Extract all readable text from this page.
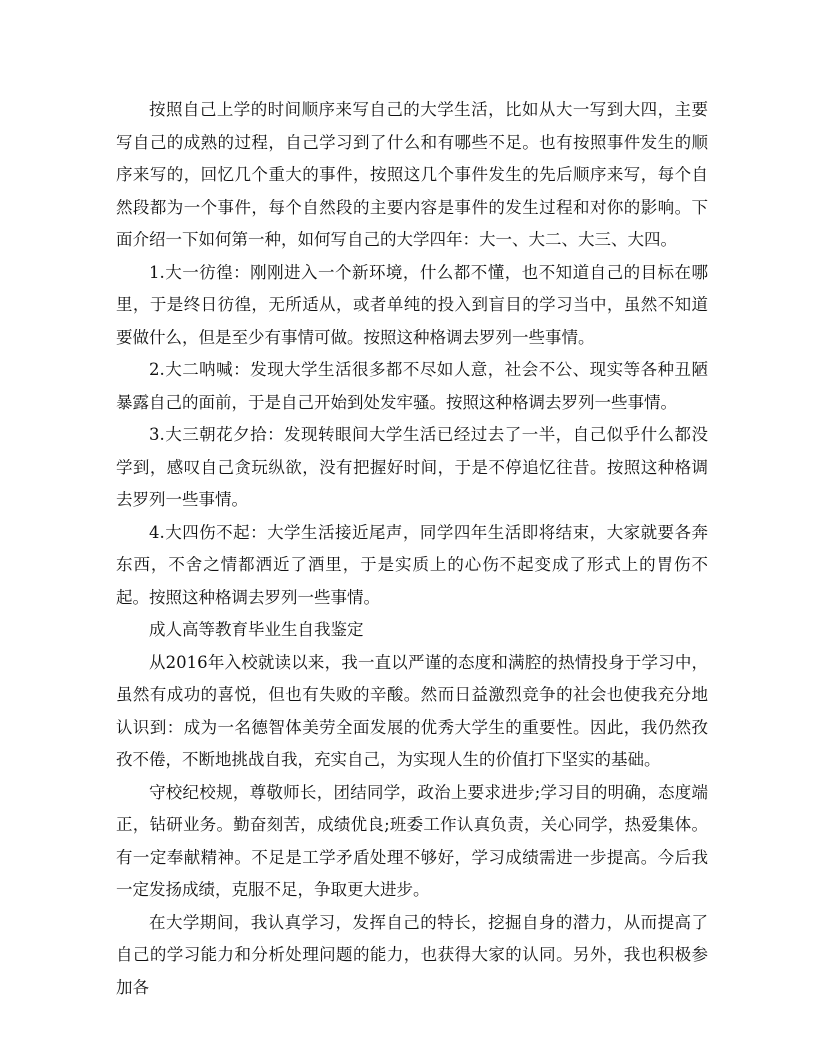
按照自己上学的时间顺序来写自己的大学生活，比如从大一写到大四，主要写自己的成熟的过程，自己学习到了什么和有哪些不足。也有按照事件发生的顺序来写的，回忆几个重大的事件，按照这几个事件发生的先后顺序来写，每个自然段都为一个事件，每个自然段的主要内容是事件的发生过程和对你的影响。下面介绍一下如何第一种，如何写自己的大学四年：大一、大二、大三、大四。

1.大一彷徨：刚刚进入一个新环境，什么都不懂，也不知道自己的目标在哪里，于是终日彷徨，无所适从，或者单纯的投入到盲目的学习当中，虽然不知道要做什么，但是至少有事情可做。按照这种格调去罗列一些事情。

2.大二呐喊：发现大学生活很多都不尽如人意，社会不公、现实等各种丑陋暴露自己的面前，于是自己开始到处发牢骚。按照这种格调去罗列一些事情。

3.大三朝花夕拾：发现转眼间大学生活已经过去了一半，自己似乎什么都没学到，感叹自己贪玩纵欲，没有把握好时间，于是不停追忆往昔。按照这种格调去罗列一些事情。

4.大四伤不起：大学生活接近尾声，同学四年生活即将结束，大家就要各奔东西，不舍之情都洒近了酒里，于是实质上的心伤不起变成了形式上的胃伤不起。按照这种格调去罗列一些事情。

成人高等教育毕业生自我鉴定

从2016年入校就读以来，我一直以严谨的态度和满腔的热情投身于学习中，虽然有成功的喜悦，但也有失败的辛酸。然而日益激烈竞争的社会也使我充分地认识到：成为一名德智体美劳全面发展的优秀大学生的重要性。因此，我仍然孜孜不倦，不断地挑战自我，充实自己，为实现人生的价值打下坚实的基础。

守校纪校规，尊敬师长，团结同学，政治上要求进步;学习目的明确，态度端正，钻研业务。勤奋刻苦，成绩优良;班委工作认真负责，关心同学，热爱集体。有一定奉献精神。不足是工学矛盾处理不够好，学习成绩需进一步提高。今后我一定发扬成绩，克服不足，争取更大进步。

在大学期间，我认真学习，发挥自己的特长，挖掘自身的潜力，从而提高了自己的学习能力和分析处理问题的能力，也获得大家的认同。另外，我也积极参加各
